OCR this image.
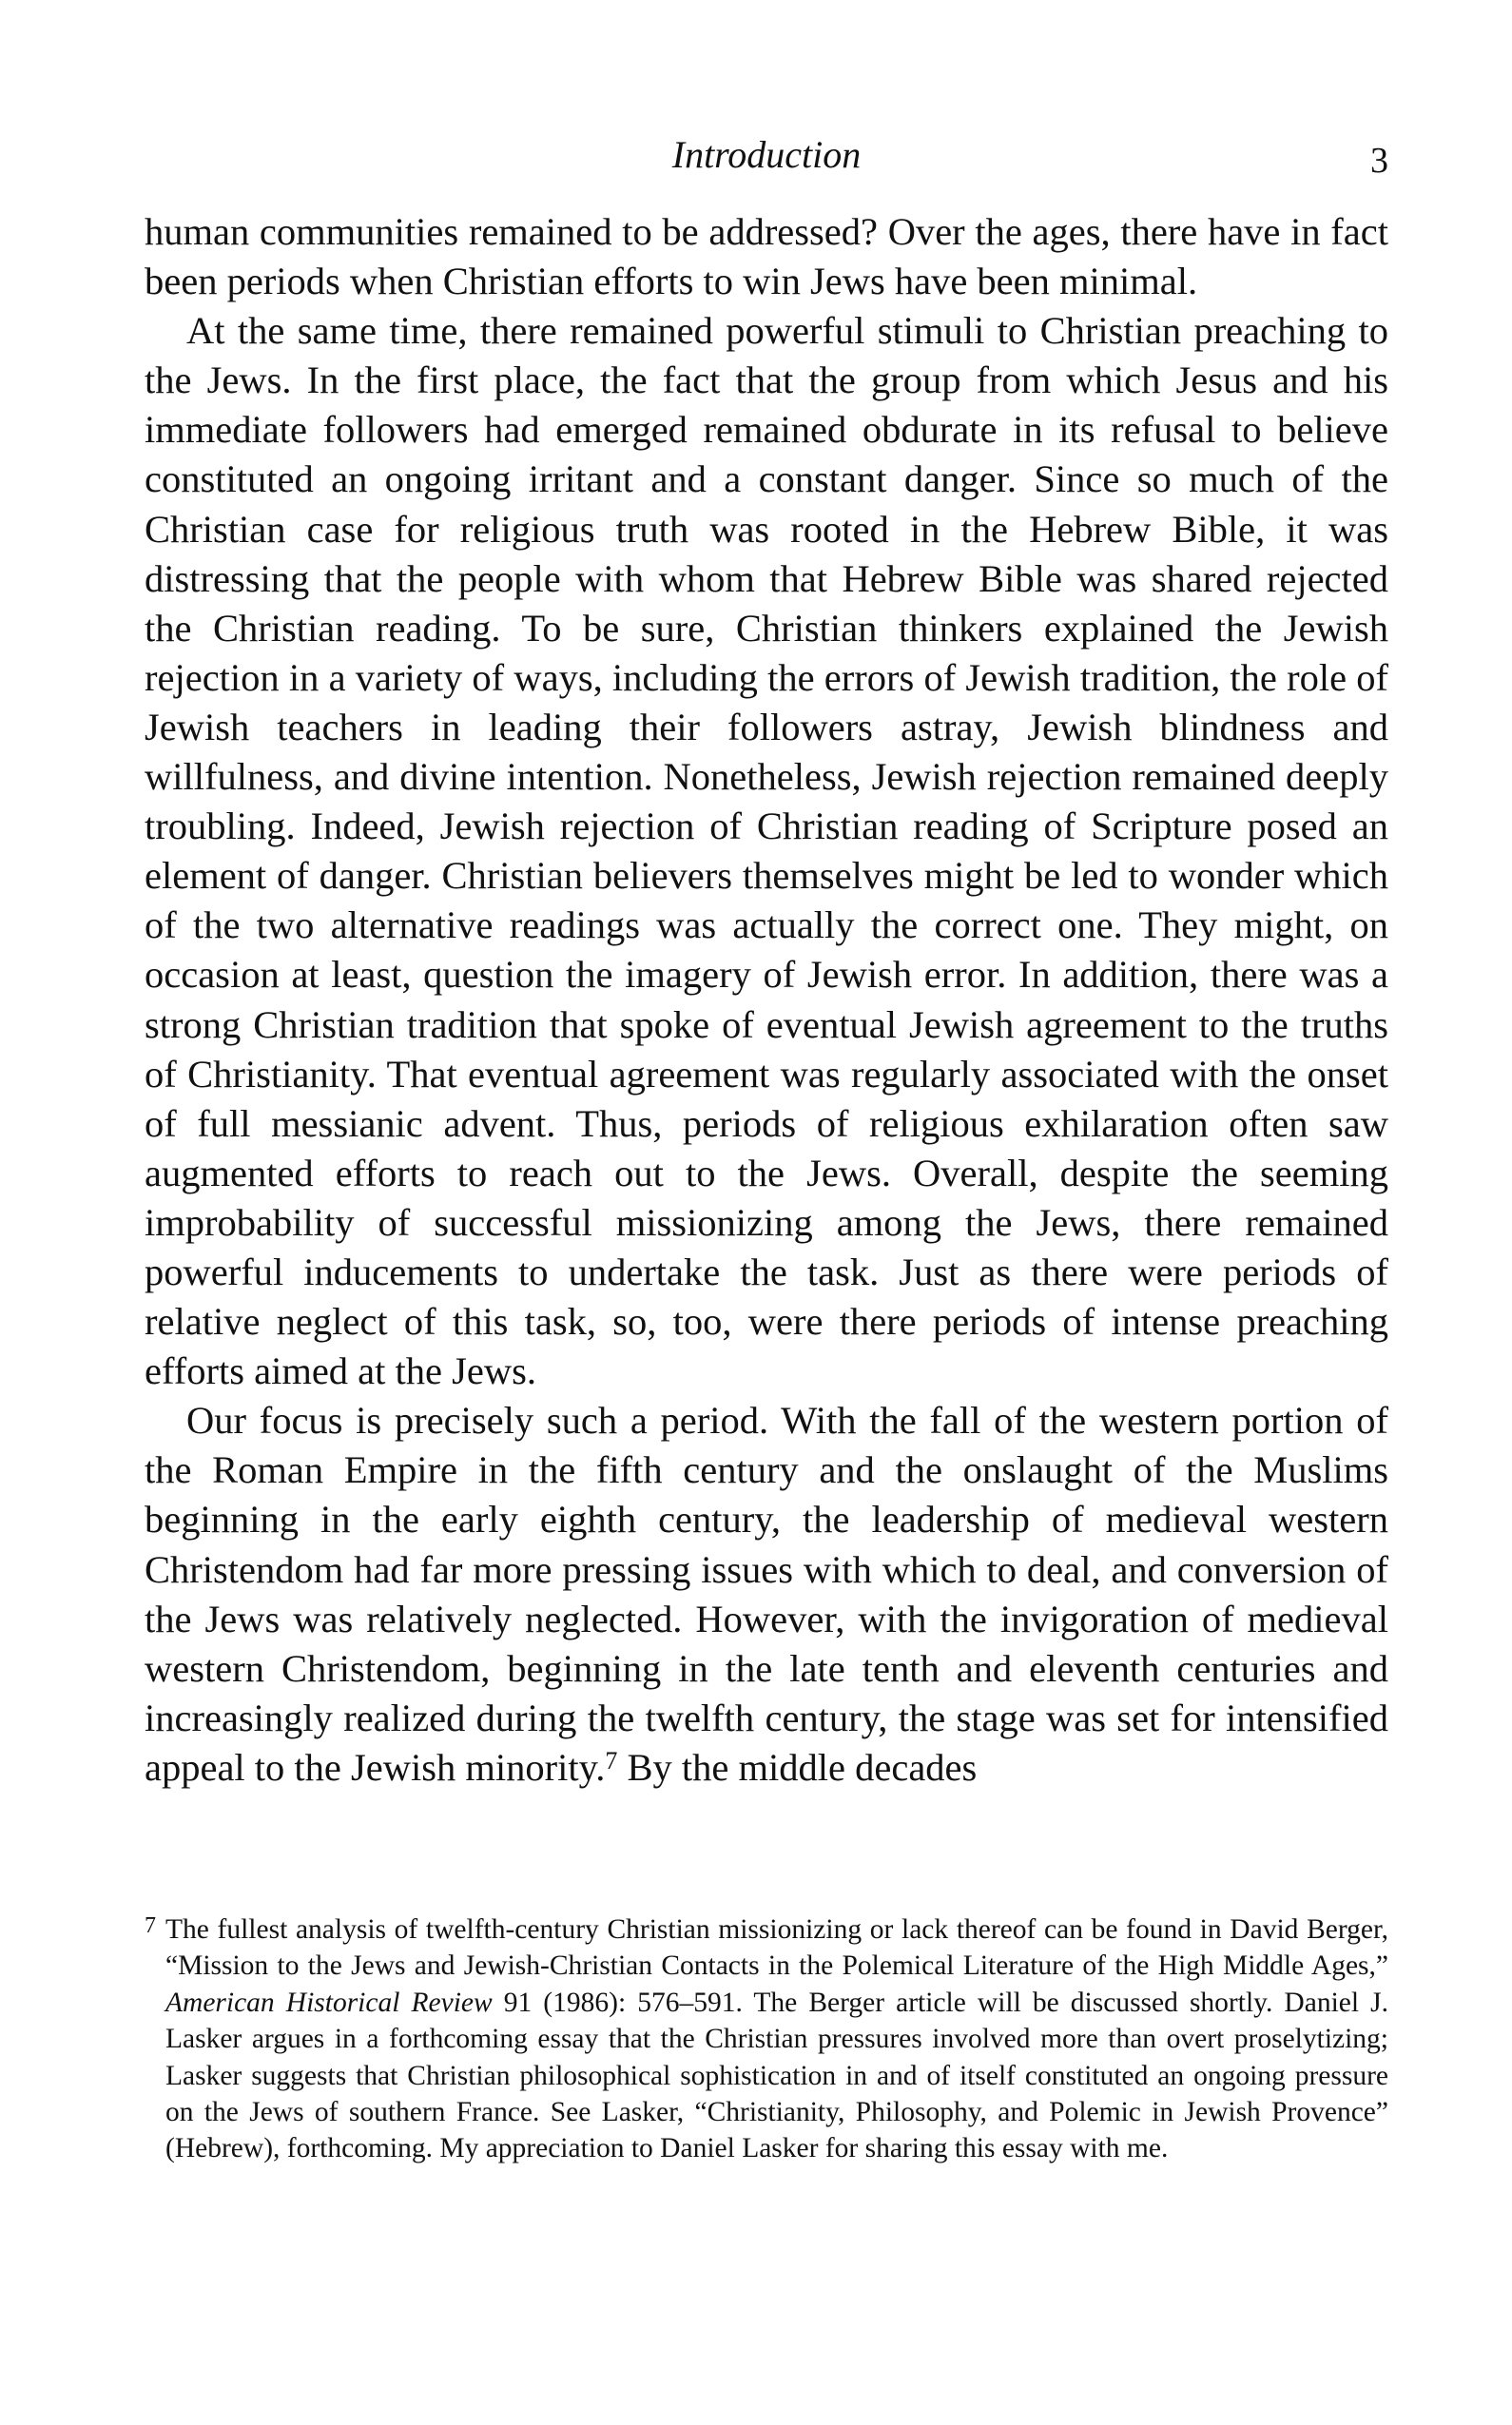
Introduction	3

human communities remained to be addressed? Over the ages, there have in fact been periods when Christian efforts to win Jews have been minimal.

At the same time, there remained powerful stimuli to Christian preaching to the Jews. In the first place, the fact that the group from which Jesus and his immediate followers had emerged remained obdurate in its refusal to believe constituted an ongoing irritant and a constant danger. Since so much of the Christian case for religious truth was rooted in the Hebrew Bible, it was distressing that the people with whom that Hebrew Bible was shared rejected the Christian reading. To be sure, Christian thinkers explained the Jewish rejection in a variety of ways, including the errors of Jewish tradition, the role of Jewish teachers in leading their followers astray, Jewish blindness and willfulness, and divine intention. Nonetheless, Jewish rejection remained deeply troubling. Indeed, Jewish rejection of Christian reading of Scripture posed an element of danger. Christian believers themselves might be led to wonder which of the two alternative readings was actually the correct one. They might, on occasion at least, question the imagery of Jewish error. In addition, there was a strong Christian tradition that spoke of eventual Jewish agreement to the truths of Christianity. That eventual agreement was regularly associated with the onset of full messianic advent. Thus, periods of religious exhilaration often saw augmented efforts to reach out to the Jews. Overall, despite the seeming improbability of successful missionizing among the Jews, there remained powerful inducements to undertake the task. Just as there were periods of relative neglect of this task, so, too, were there periods of intense preaching efforts aimed at the Jews.

Our focus is precisely such a period. With the fall of the western portion of the Roman Empire in the fifth century and the onslaught of the Muslims beginning in the early eighth century, the leadership of medieval western Christendom had far more pressing issues with which to deal, and conversion of the Jews was relatively neglected. However, with the invigoration of medieval western Christendom, beginning in the late tenth and eleventh centuries and increasingly realized during the twelfth century, the stage was set for intensified appeal to the Jewish minority.$^7$ By the middle decades

7 The fullest analysis of twelfth-century Christian missionizing or lack thereof can be found in David Berger, “Mission to the Jews and Jewish-Christian Contacts in the Polemical Literature of the High Middle Ages,” American Historical Review 91 (1986): 576–591. The Berger article will be discussed shortly. Daniel J. Lasker argues in a forthcoming essay that the Christian pressures involved more than overt proselytizing; Lasker suggests that Christian philosophical sophistication in and of itself constituted an ongoing pressure on the Jews of southern France. See Lasker, “Christianity, Philosophy, and Polemic in Jewish Provence” (Hebrew), forthcoming. My appreciation to Daniel Lasker for sharing this essay with me.
